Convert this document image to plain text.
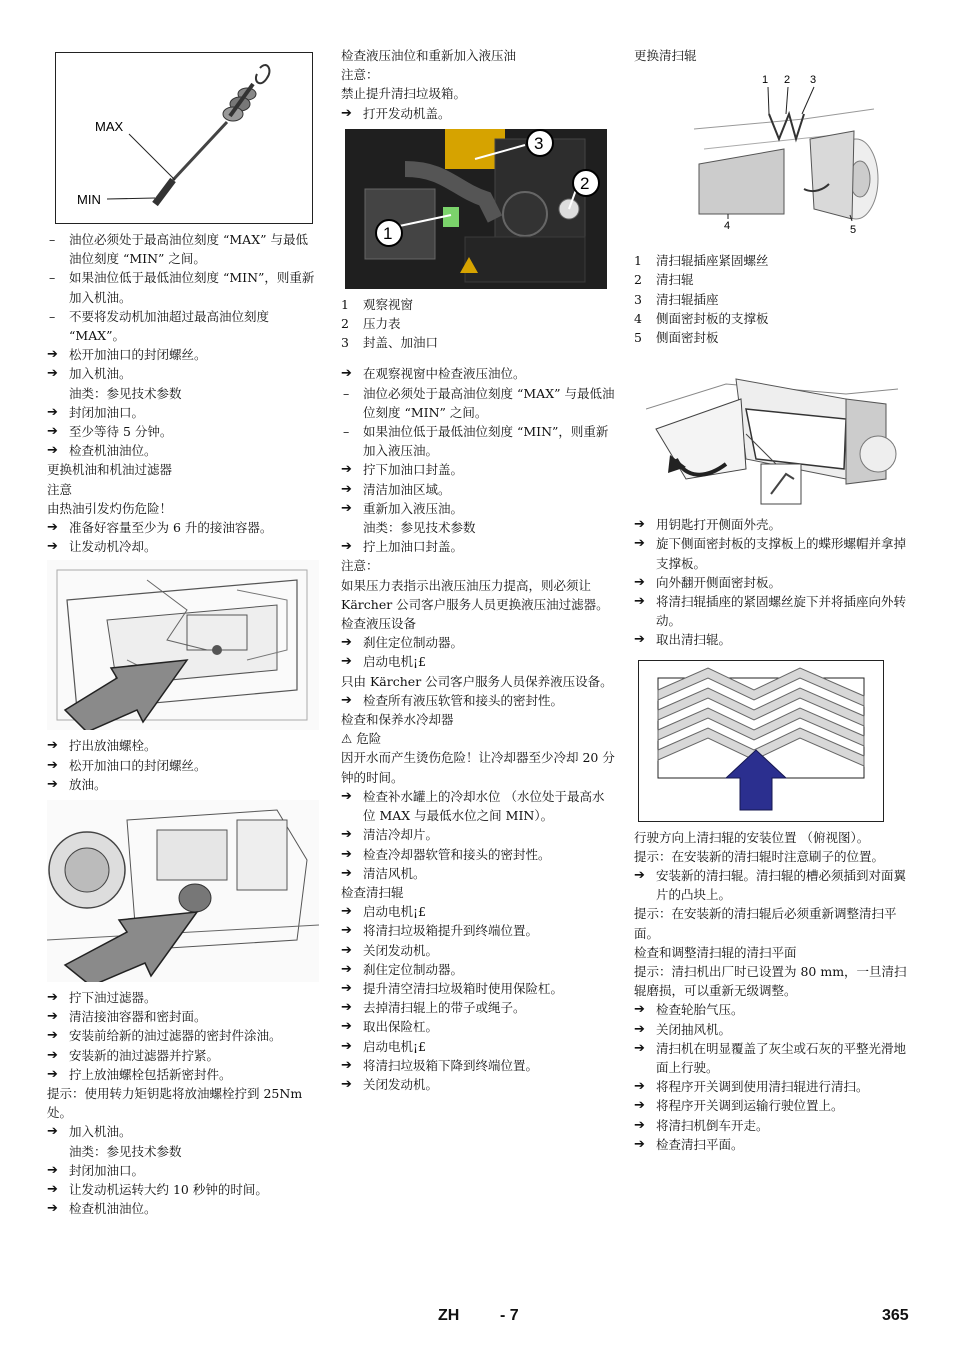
MAX
MIN
– 油位必须处于最高油位刻度 “MAX” 与最低油位刻度 “MIN” 之间。
– 如果油位低于最低油位刻度 “MIN”，则重新加入机油。
– 不要将发动机加油超过最高油位刻度 “MAX”。
➔ 松开加油口的封闭螺丝。
➔ 加入机油。
油类：参见技术参数
➔ 封闭加油口。
➔ 至少等待 5 分钟。
➔ 检查机油油位。
更换机油和机油过滤器
注意
由热油引发灼伤危险！
➔ 准备好容量至少为 6 升的接油容器。
➔ 让发动机冷却。
➔ 拧出放油螺栓。
➔ 松开加油口的封闭螺丝。
➔ 放油。
➔ 拧下油过滤器。
➔ 清洁接油容器和密封面。
➔ 安装前给新的油过滤器的密封件涂油。
➔ 安装新的油过滤器并拧紧。
➔ 拧上放油螺栓包括新密封件。
提示：使用转力矩钥匙将放油螺栓拧到 25Nm 处。
➔ 加入机油。
油类：参见技术参数
➔ 封闭加油口。
➔ 让发动机运转大约 10 秒钟的时间。
➔ 检查机油油位。
检查液压油位和重新加入液压油
注意：
禁止提升清扫垃圾箱。
➔ 打开发动机盖。
1
2
3
1 观察视窗
2 压力表
3 封盖、加油口
➔ 在观察视窗中检查液压油位。
– 油位必须处于最高油位刻度 “MAX” 与最低油位刻度 “MIN” 之间。
– 如果油位低于最低油位刻度 “MIN”，则重新加入液压油。
➔ 拧下加油口封盖。
➔ 清洁加油区域。
➔ 重新加入液压油。
油类：参见技术参数
➔ 拧上加油口封盖。
注意：
如果压力表指示出液压油压力提高，则必须让 Kärcher 公司客户服务人员更换液压油过滤器。
检查液压设备
➔ 刹住定位制动器。
➔ 启动电机¡£
只由 Kärcher 公司客户服务人员保养液压设备。
➔ 检查所有液压软管和接头的密封性。
检查和保养水冷却器
⚠ 危险
因开水而产生烫伤危险！让冷却器至少冷却 20 分钟的时间。
➔ 检查补水罐上的冷却水位 （水位处于最高水位 MAX 与最低水位之间 MIN）。
➔ 清洁冷却片。
➔ 检查冷却器软管和接头的密封性。
➔ 清洁风机。
检查清扫辊
➔ 启动电机¡£
➔ 将清扫垃圾箱提升到终端位置。
➔ 关闭发动机。
➔ 刹住定位制动器。
➔ 提升清空清扫垃圾箱时使用保险杠。
➔ 去掉清扫辊上的带子或绳子。
➔ 取出保险杠。
➔ 启动电机¡£
➔ 将清扫垃圾箱下降到终端位置。
➔ 关闭发动机。
更换清扫辊
1 2 3
4	5
1 清扫辊插座紧固螺丝
2 清扫辊
3 清扫辊插座
4 侧面密封板的支撑板
5 侧面密封板
➔ 用钥匙打开侧面外壳。
➔ 旋下侧面密封板的支撑板上的蝶形螺帽并拿掉支撑板。
➔ 向外翻开侧面密封板。
➔ 将清扫辊插座的紧固螺丝旋下并将插座向外转动。
➔ 取出清扫辊。
行驶方向上清扫辊的安装位置 （俯视图）。
提示：在安装新的清扫辊时注意刷子的位置。
➔ 安装新的清扫辊。清扫辊的槽必须插到对面翼片的凸块上。
提示：在安装新的清扫辊后必须重新调整清扫平面。
检查和调整清扫辊的清扫平面
提示：清扫机出厂时已设置为 80 mm，一旦清扫辊磨损，可以重新无级调整。
➔ 检查轮胎气压。
➔ 关闭抽风机。
➔ 清扫机在明显覆盖了灰尘或石灰的平整光滑地面上行驶。
➔ 将程序开关调到使用清扫辊进行清扫。
➔ 将程序开关调到运输行驶位置上。
➔ 将清扫机倒车开走。
➔ 检查清扫平面。
ZH	- 7	365
